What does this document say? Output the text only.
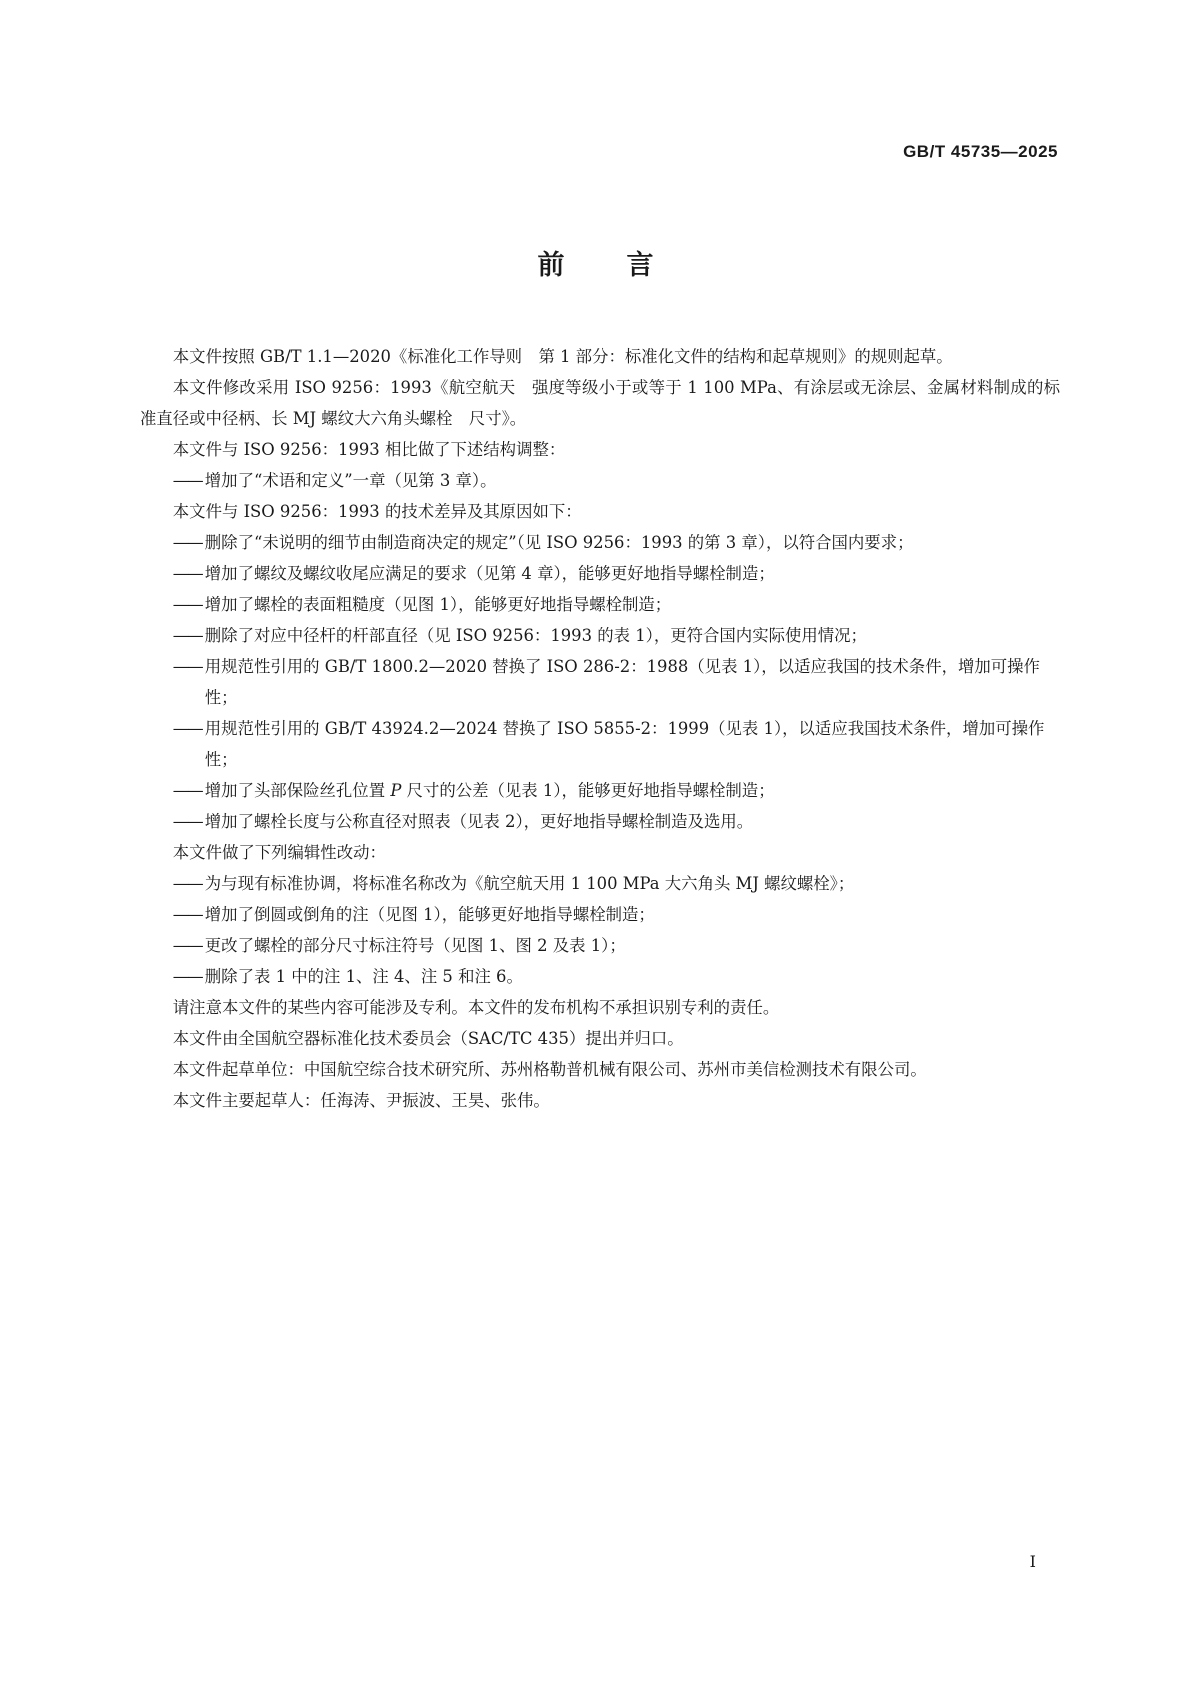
GB/T 45735—2025

前言

本文件按照 GB/T 1.1—2020《标准化工作导则　第 1 部分：标准化文件的结构和起草规则》的规则起草。

本文件修改采用 ISO 9256：1993《航空航天　强度等级小于或等于 1 100 MPa、有涂层或无涂层、金属材料制成的标准直径或中径柄、长 MJ 螺纹大六角头螺栓　尺寸》。

本文件与 ISO 9256：1993 相比做了下述结构调整：

—— 增加了“术语和定义”一章（见第 3 章）。

本文件与 ISO 9256：1993 的技术差异及其原因如下：

—— 删除了“未说明的细节由制造商决定的规定”（见 ISO 9256：1993 的第 3 章），以符合国内要求；

—— 增加了螺纹及螺纹收尾应满足的要求（见第 4 章），能够更好地指导螺栓制造；

—— 增加了螺栓的表面粗糙度（见图 1），能够更好地指导螺栓制造；

—— 删除了对应中径杆的杆部直径（见 ISO 9256：1993 的表 1），更符合国内实际使用情况；

—— 用规范性引用的 GB/T 1800.2—2020 替换了 ISO 286-2：1988（见表 1），以适应我国的技术条件，增加可操作性；

—— 用规范性引用的 GB/T 43924.2—2024 替换了 ISO 5855-2：1999（见表 1），以适应我国技术条件，增加可操作性；

—— 增加了头部保险丝孔位置 P 尺寸的公差（见表 1），能够更好地指导螺栓制造；

—— 增加了螺栓长度与公称直径对照表（见表 2），更好地指导螺栓制造及选用。

本文件做了下列编辑性改动：

—— 为与现有标准协调，将标准名称改为《航空航天用 1 100 MPa 大六角头 MJ 螺纹螺栓》；

—— 增加了倒圆或倒角的注（见图 1），能够更好地指导螺栓制造；

—— 更改了螺栓的部分尺寸标注符号（见图 1、图 2 及表 1）；

—— 删除了表 1 中的注 1、注 4、注 5 和注 6。

请注意本文件的某些内容可能涉及专利。本文件的发布机构不承担识别专利的责任。

本文件由全国航空器标准化技术委员会（SAC/TC 435）提出并归口。

本文件起草单位：中国航空综合技术研究所、苏州格勒普机械有限公司、苏州市美信检测技术有限公司。

本文件主要起草人：任海涛、尹振波、王昊、张伟。

I
